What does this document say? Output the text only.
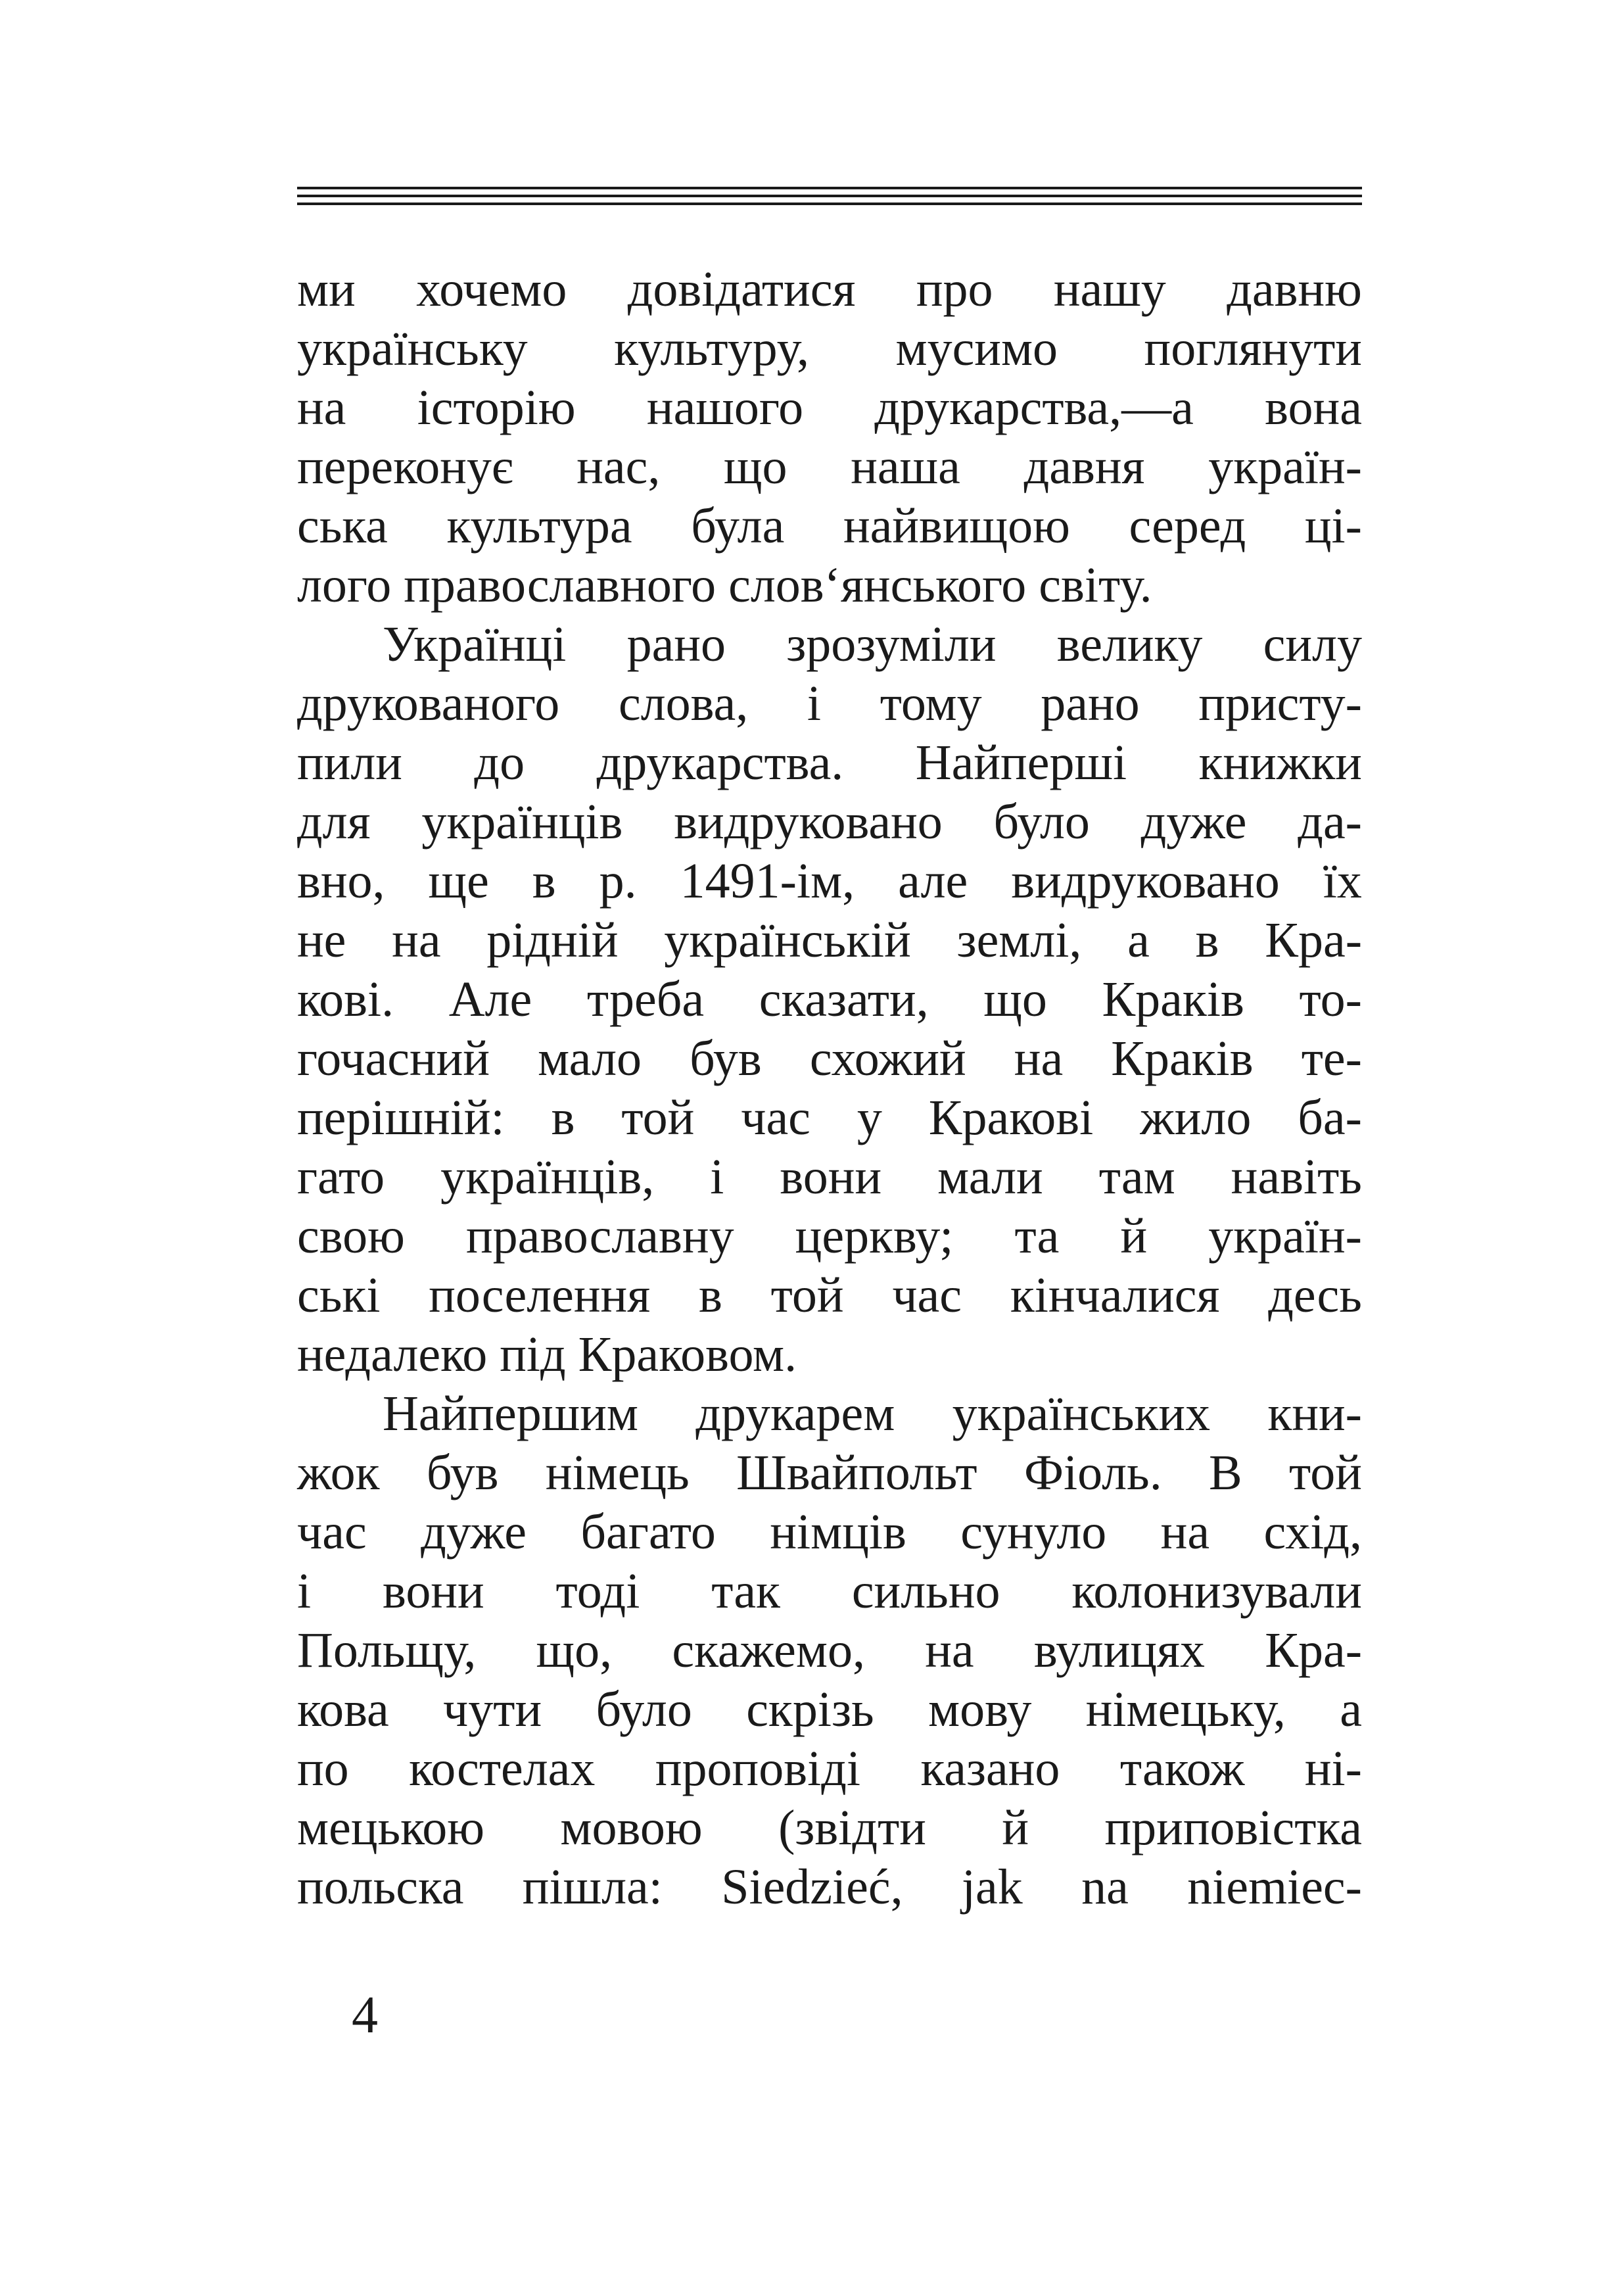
ми хочемо довідатися про нашу давню
українську культуру, мусимо поглянути
на історію нашого друкарства,—а вона
переконує нас, що наша давня україн-
ська культура була найвищою серед ці-
лого православного слов‘янського світу.
Українці рано зрозуміли велику силу
друкованого слова, і тому рано присту-
пили до друкарства. Найперші книжки
для українців видруковано було дуже да-
вно, ще в р. 1491-ім, але видруковано їх
не на рідній українській землі, а в Кра-
кові. Але треба сказати, що Краків то-
гочасний мало був схожий на Краків те-
перішній: в той час у Кракові жило ба-
гато українців, і вони мали там навіть
свою православну церкву; та й україн-
ські поселення в той час кінчалися десь
недалеко під Краковом.
Найпершим друкарем українських кни-
жок був німець Швайпольт Фіоль. В той
час дуже багато німців сунуло на схід,
і вони тоді так сильно колонизували
Польщу, що, скажемо, на вулицях Кра-
кова чути було скрізь мову німецьку, а
по костелах проповіді казано також ні-
мецькою мовою (звідти й приповістка
польска пішла: Siedzieć, jak na niemiec-
4
